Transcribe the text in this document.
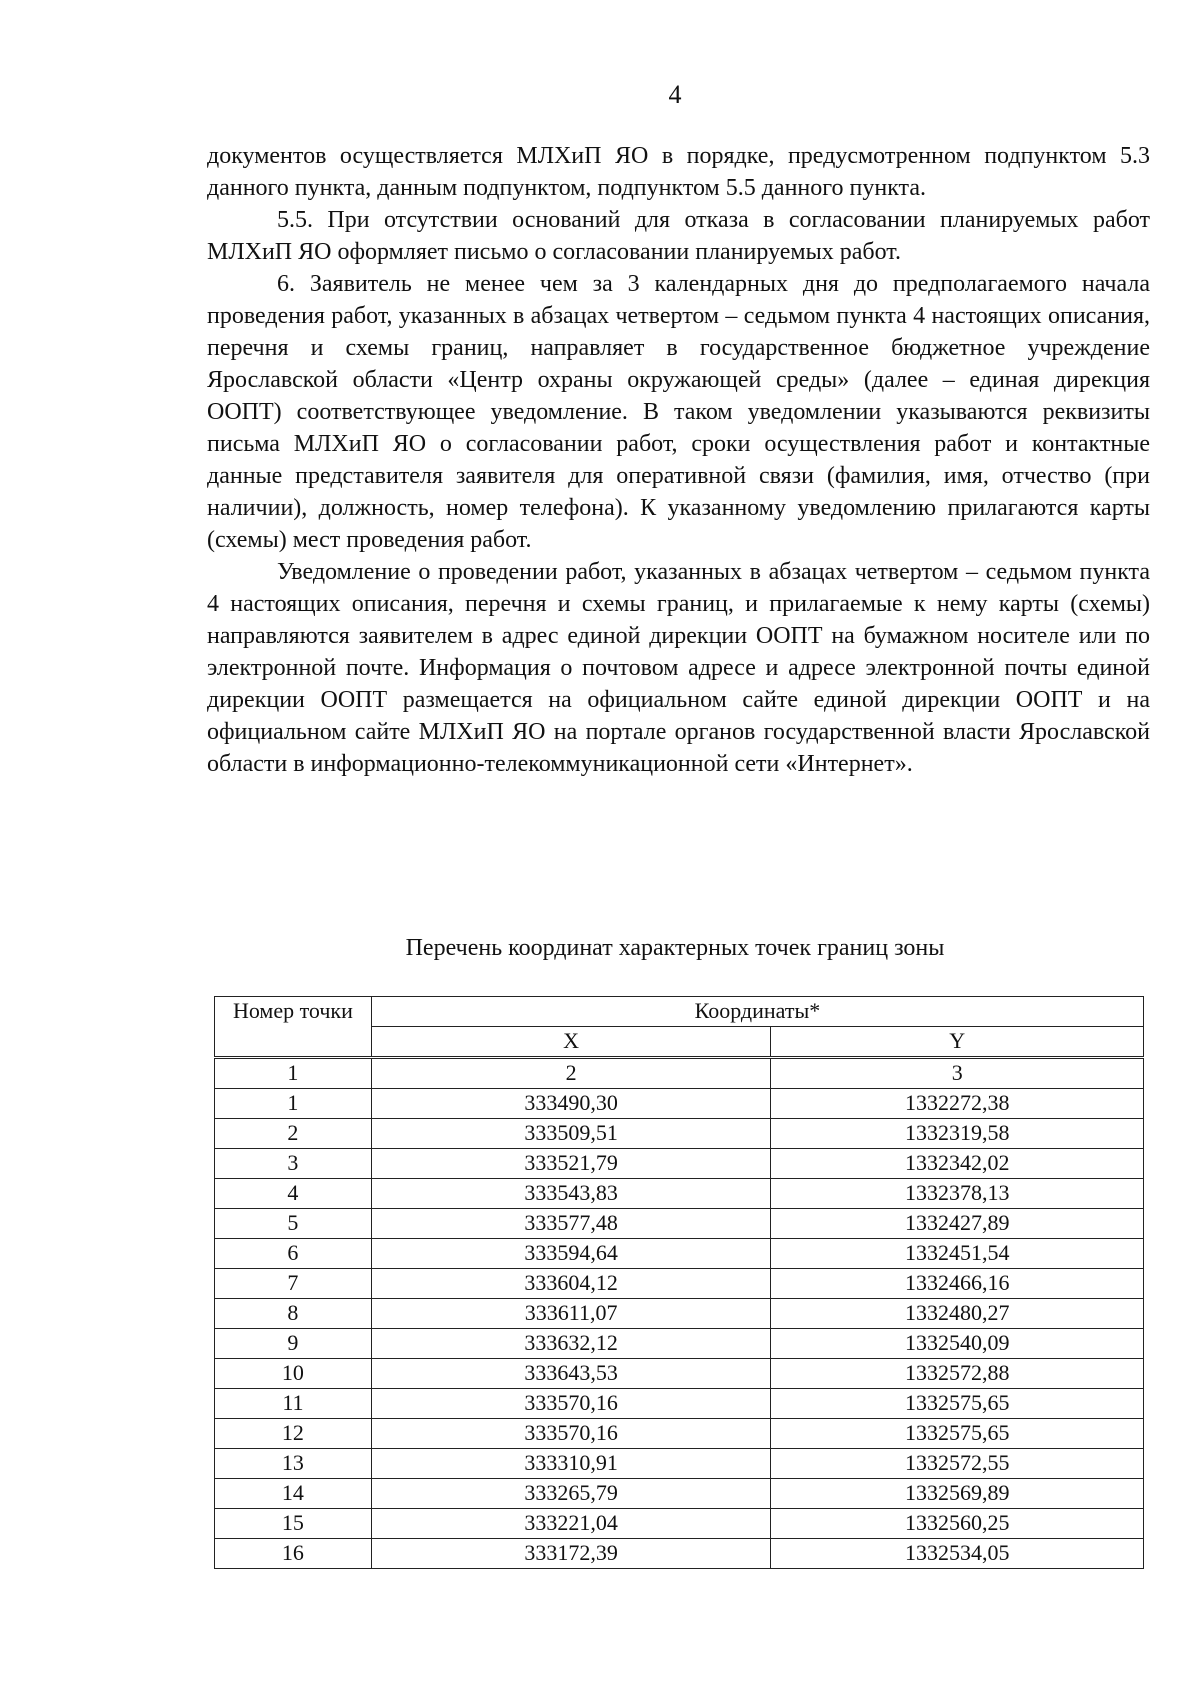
4

документов осуществляется МЛХиП ЯО в порядке, предусмотренном подпунктом 5.3 данного пункта, данным подпунктом, подпунктом 5.5 данного пункта.

5.5. При отсутствии оснований для отказа в согласовании планируемых работ МЛХиП ЯО оформляет письмо о согласовании планируемых работ.

6. Заявитель не менее чем за 3 календарных дня до предполагаемого начала проведения работ, указанных в абзацах четвертом – седьмом пункта 4 настоящих описания, перечня и схемы границ, направляет в государственное бюджетное учреждение Ярославской области «Центр охраны окружающей среды» (далее – единая дирекция ООПТ) соответствующее уведомление. В таком уведомлении указываются реквизиты письма МЛХиП ЯО о согласовании работ, сроки осуществления работ и контактные данные представителя заявителя для оперативной связи (фамилия, имя, отчество (при наличии), должность, номер телефона). К указанному уведомлению прилагаются карты (схемы) мест проведения работ.

Уведомление о проведении работ, указанных в абзацах четвертом – седьмом пункта 4 настоящих описания, перечня и схемы границ, и прилагаемые к нему карты (схемы) направляются заявителем в адрес единой дирекции ООПТ на бумажном носителе или по электронной почте. Информация о почтовом адресе и адресе электронной почты единой дирекции ООПТ размещается на официальном сайте единой дирекции ООПТ и на официальном сайте МЛХиП ЯО на портале органов государственной власти Ярославской области в информационно-телекоммуникационной сети «Интернет».

Перечень координат характерных точек границ зоны
Номер точки	Координаты*	
	X	Y
1	2	3
1	333490,30	1332272,38
2	333509,51	1332319,58
3	333521,79	1332342,02
4	333543,83	1332378,13
5	333577,48	1332427,89
6	333594,64	1332451,54
7	333604,12	1332466,16
8	333611,07	1332480,27
9	333632,12	1332540,09
10	333643,53	1332572,88
11	333570,16	1332575,65
12	333570,16	1332575,65
13	333310,91	1332572,55
14	333265,79	1332569,89
15	333221,04	1332560,25
16	333172,39	1332534,05
